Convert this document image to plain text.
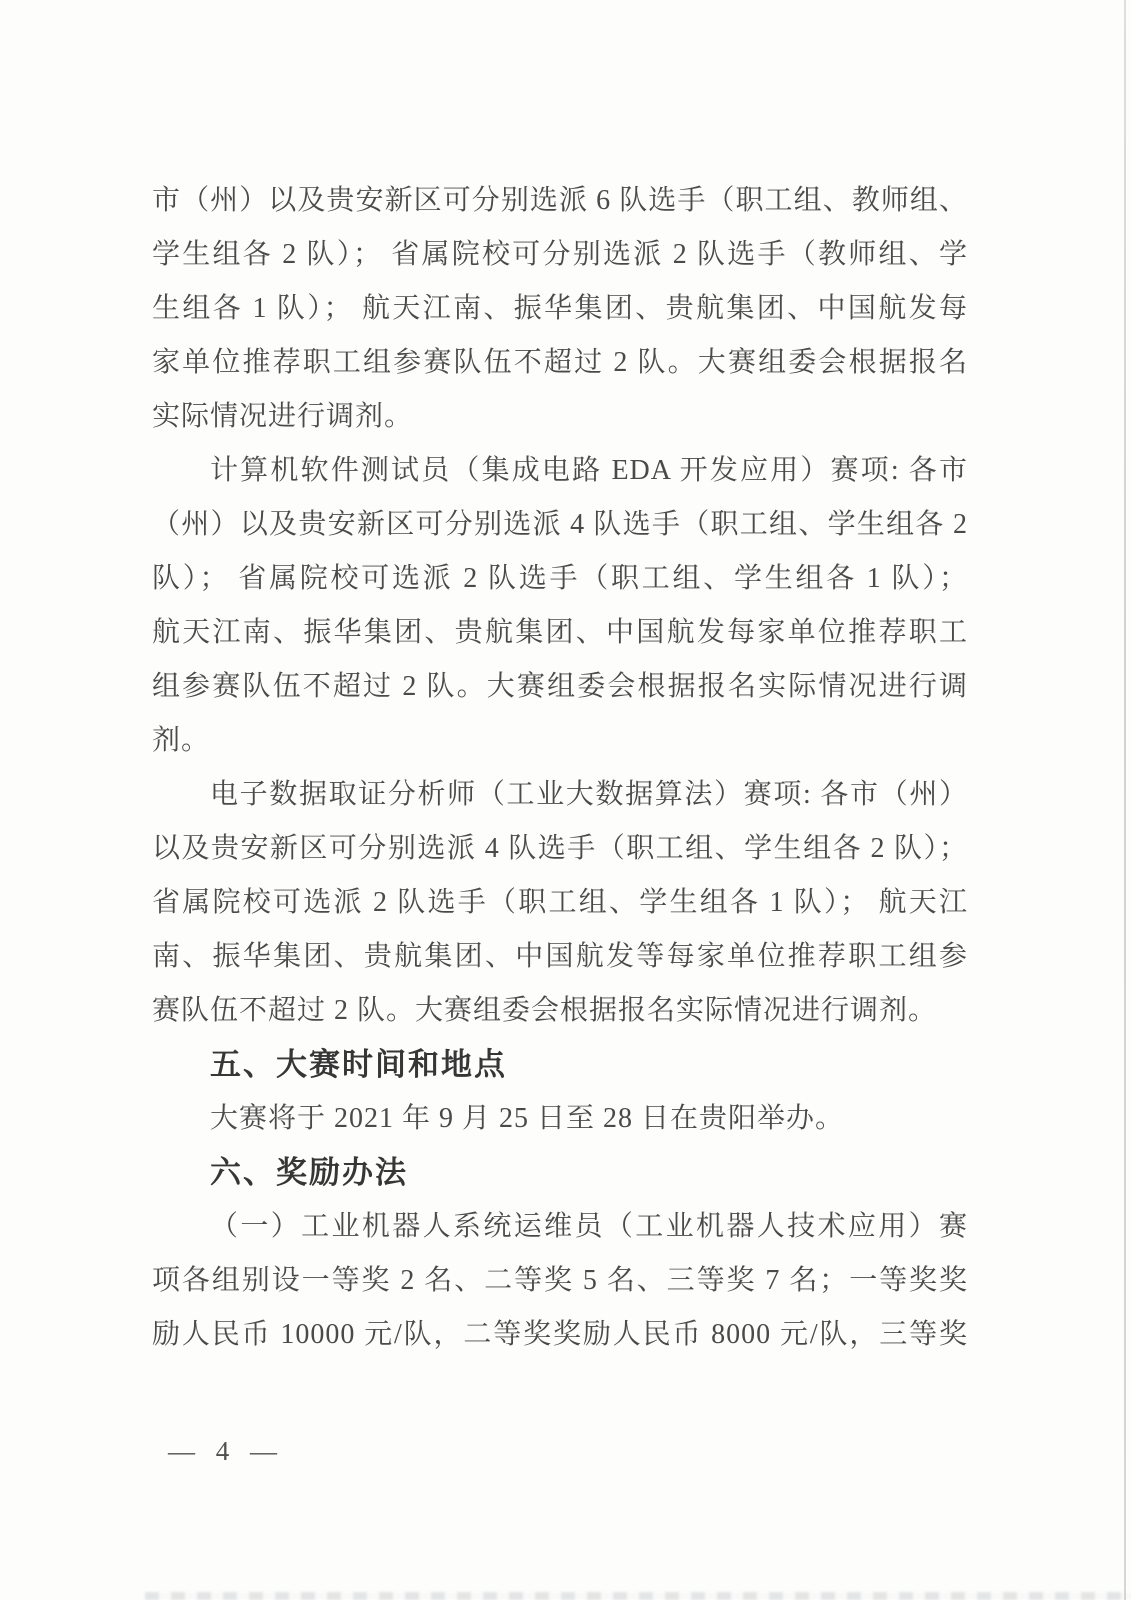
市（州）以及贵安新区可分别选派 6 队选手（职工组、教师组、
学生组各 2 队）； 省属院校可分别选派 2 队选手（教师组、学
生组各 1 队）； 航天江南、振华集团、贵航集团、中国航发每
家单位推荐职工组参赛队伍不超过 2 队。大赛组委会根据报名
实际情况进行调剂。
计算机软件测试员（集成电路 EDA 开发应用）赛项: 各市
（州）以及贵安新区可分别选派 4 队选手（职工组、学生组各 2
队）； 省属院校可选派 2 队选手（职工组、学生组各 1 队）；
航天江南、振华集团、贵航集团、中国航发每家单位推荐职工
组参赛队伍不超过 2 队。大赛组委会根据报名实际情况进行调
剂。
电子数据取证分析师（工业大数据算法）赛项: 各市（州）
以及贵安新区可分别选派 4 队选手（职工组、学生组各 2 队）；
省属院校可选派 2 队选手（职工组、学生组各 1 队）； 航天江
南、振华集团、贵航集团、中国航发等每家单位推荐职工组参
赛队伍不超过 2 队。大赛组委会根据报名实际情况进行调剂。
五、大赛时间和地点
大赛将于 2021 年 9 月 25 日至 28 日在贵阳举办。
六、奖励办法
（一）工业机器人系统运维员（工业机器人技术应用）赛
项各组别设一等奖 2 名、二等奖 5 名、三等奖 7 名；一等奖奖
励人民币 10000 元/队，二等奖奖励人民币 8000 元/队，三等奖
— 4 —
